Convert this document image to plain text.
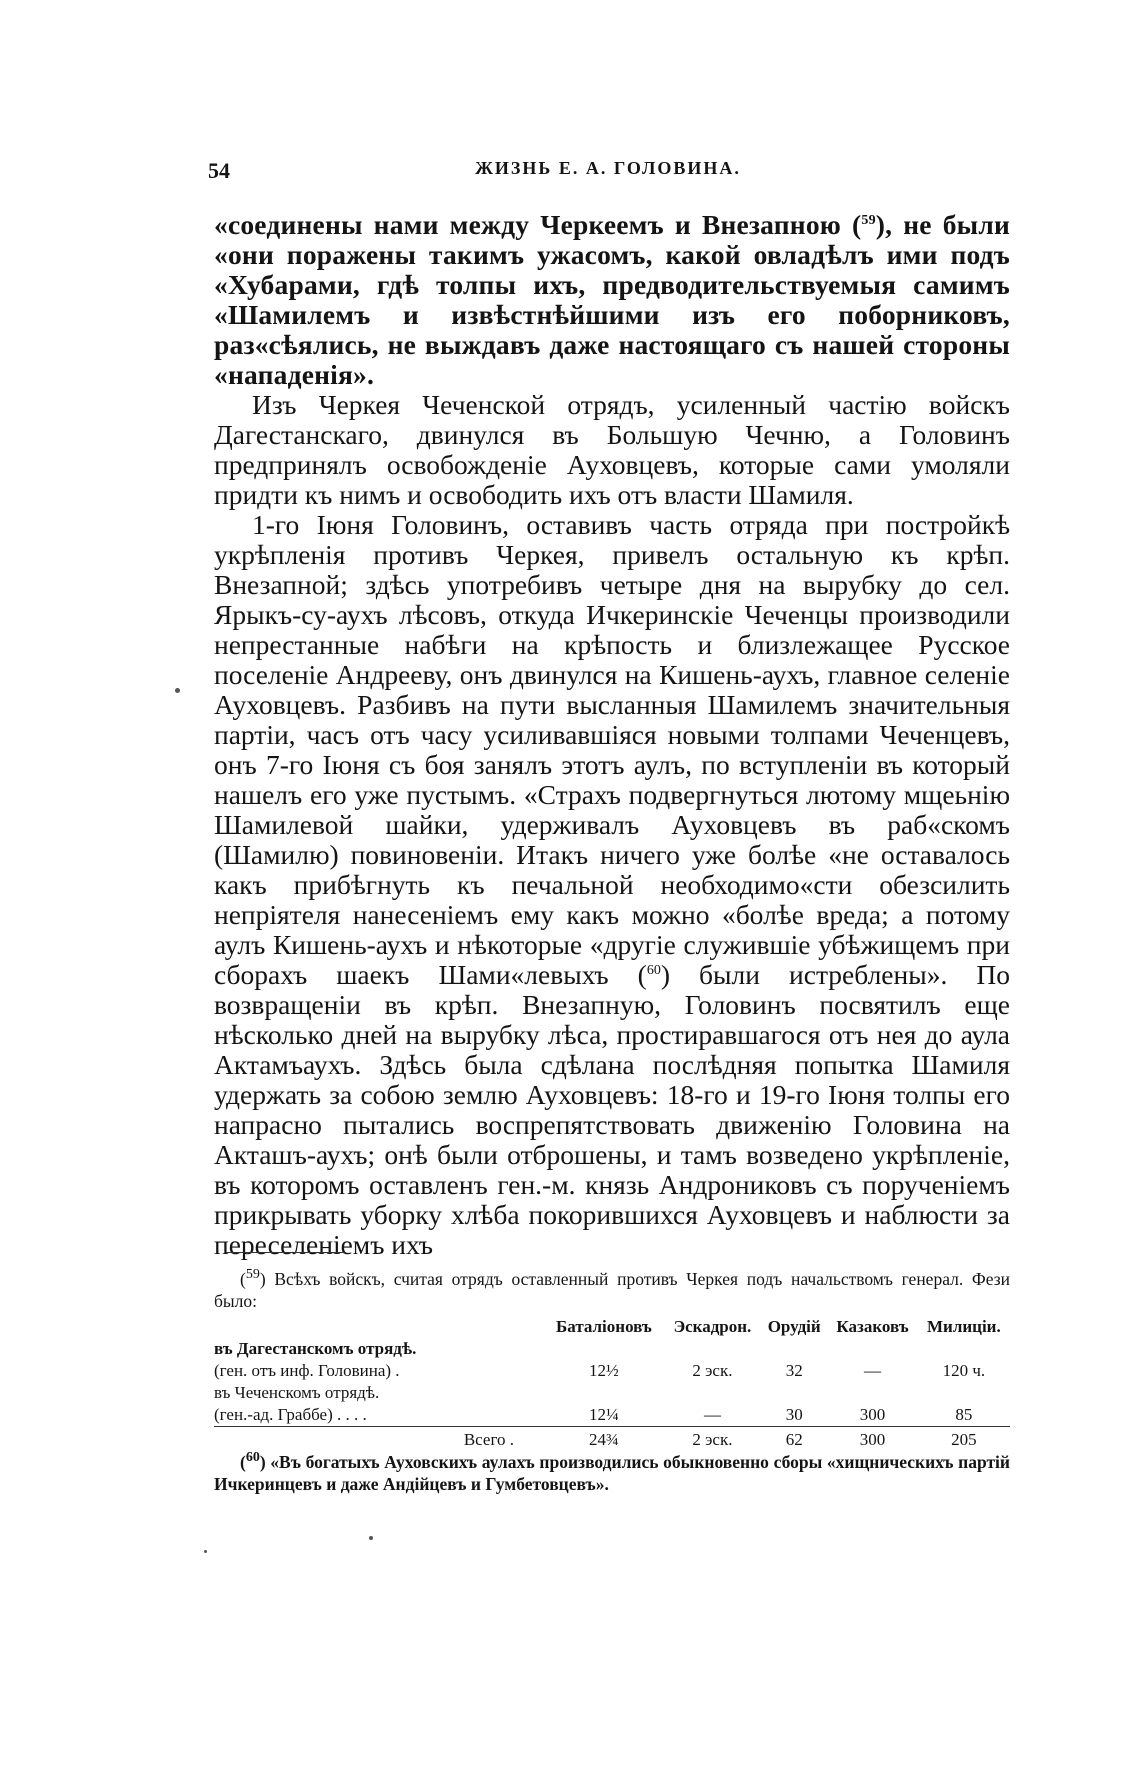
54	ЖИЗНЬ Е. А. ГОЛОВИНА.

«соединены нами между Черкеемъ и Внезапною ($^{59}$), не были «они поражены такимъ ужасомъ, какой овладѣлъ ими подъ «Хубарами, гдѣ толпы ихъ, предводительствуемыя самимъ «Шамилемъ и извѣстнѣйшими изъ его поборниковъ, раз«сѣялись, не выждавъ даже настоящаго съ нашей стороны «нападенія».

Изъ Черкея Чеченской отрядъ, усиленный частію войскъ Дагестанскаго, двинулся въ Большую Чечню, а Головинъ предпринялъ освобожденіе Ауховцевъ, которые сами умоляли придти къ нимъ и освободить ихъ отъ власти Шамиля.

1-го Іюня Головинъ, оставивъ часть отряда при постройкѣ укрѣпленія противъ Черкея, привелъ остальную къ крѣп. Внезапной; здѣсь употребивъ четыре дня на вырубку до сел. Ярыкъ-су-аухъ лѣсовъ, откуда Ичкеринскіе Чеченцы производили непрестанные набѣги на крѣпость и близлежащее Русское поселеніе Андрееву, онъ двинулся на Кишень-аухъ, главное селеніе Ауховцевъ. Разбивъ на пути высланныя Шамилемъ значительныя партіи, часъ отъ часу усиливавшіяся новыми толпами Чеченцевъ, онъ 7-го Іюня съ боя занялъ этотъ аулъ, по вступленіи въ который нашелъ его уже пустымъ. «Страхъ подвергнуться лютому мщеьнію Шамилевой шайки, удерживалъ Ауховцевъ въ раб«скомъ (Шамилю) повиновеніи. Итакъ ничего уже болѣе «не оставалось какъ прибѣгнуть къ печальной необходимо«сти обезсилить непріятеля нанесеніемъ ему какъ можно «болѣе вреда; а потому аулъ Кишень-аухъ и нѣкоторые «другіе служившіе убѣжищемъ при сборахъ шаекъ Шами«левыхъ ($^{60}$) были истреблены». По возвращеніи въ крѣп. Внезапную, Головинъ посвятилъ еще нѣсколько дней на вырубку лѣса, простиравшагося отъ нея до аула Актамъаухъ. Здѣсь была сдѣлана послѣдняя попытка Шамиля удержать за собою землю Ауховцевъ: 18-го и 19-го Іюня толпы его напрасно пытались воспрепятствовать движенію Головина на Акташъ-аухъ; онѣ были отброшены, и тамъ возведено укрѣпленіе, въ которомъ оставленъ ген.-м. князь Андрониковъ съ порученіемъ прикрывать уборку хлѣба покорившихся Ауховцевъ и наблюсти за переселеніемъ ихъ

($^{59}$) Всѣхъ войскъ, считая отрядъ оставленный противъ Черкея подъ начальствомъ генерал. Фези было:

	Баталіоновъ	Эскадрон.	Орудій	Казаковъ	Милиціи.
въ Дагестанскомъ отрядѣ.					
(ген. отъ инф. Головина) .	12½	2 эск.	32	—	120 ч.
въ Чеченскомъ отрядѣ.					
(ген.-ад. Граббе) . . . .	12¼	—	30	300	85
Всего .	24¾	2 эск.	62	300	205

($^{60}$) «Въ богатыхъ Ауховскихъ аулахъ производились обыкновенно сборы «хищническихъ партій Ичкеринцевъ и даже Андійцевъ и Гумбетовцевъ».
